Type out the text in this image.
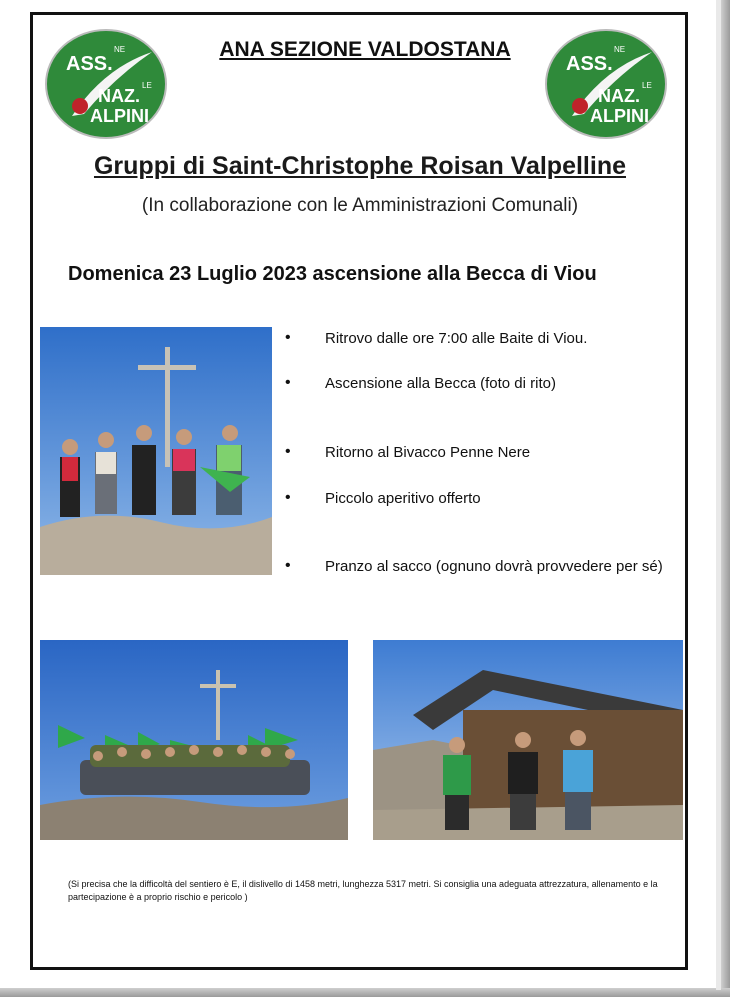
ASS.
NE
NAZ.
LE
ALPINI
ASS.
NE
NAZ.
LE
ALPINI
ANA SEZIONE VALDOSTANA
Gruppi di Saint-Christophe Roisan Valpelline
(In collaborazione con le Amministrazioni Comunali)
Domenica 23 Luglio 2023 ascensione alla Becca di Viou
• Ritrovo dalle ore 7:00 alle Baite di Viou.
• Ascensione alla Becca (foto di rito)
• Ritorno al Bivacco Penne Nere
• Piccolo aperitivo offerto
• Pranzo al sacco (ognuno dovrà provvedere per sé)
(Si precisa che la difficoltà del sentiero è E, il dislivello di 1458 metri, lunghezza 5317 metri. Si consiglia una adeguata attrezzatura, allenamento e la partecipazione è a proprio rischio e pericolo )
